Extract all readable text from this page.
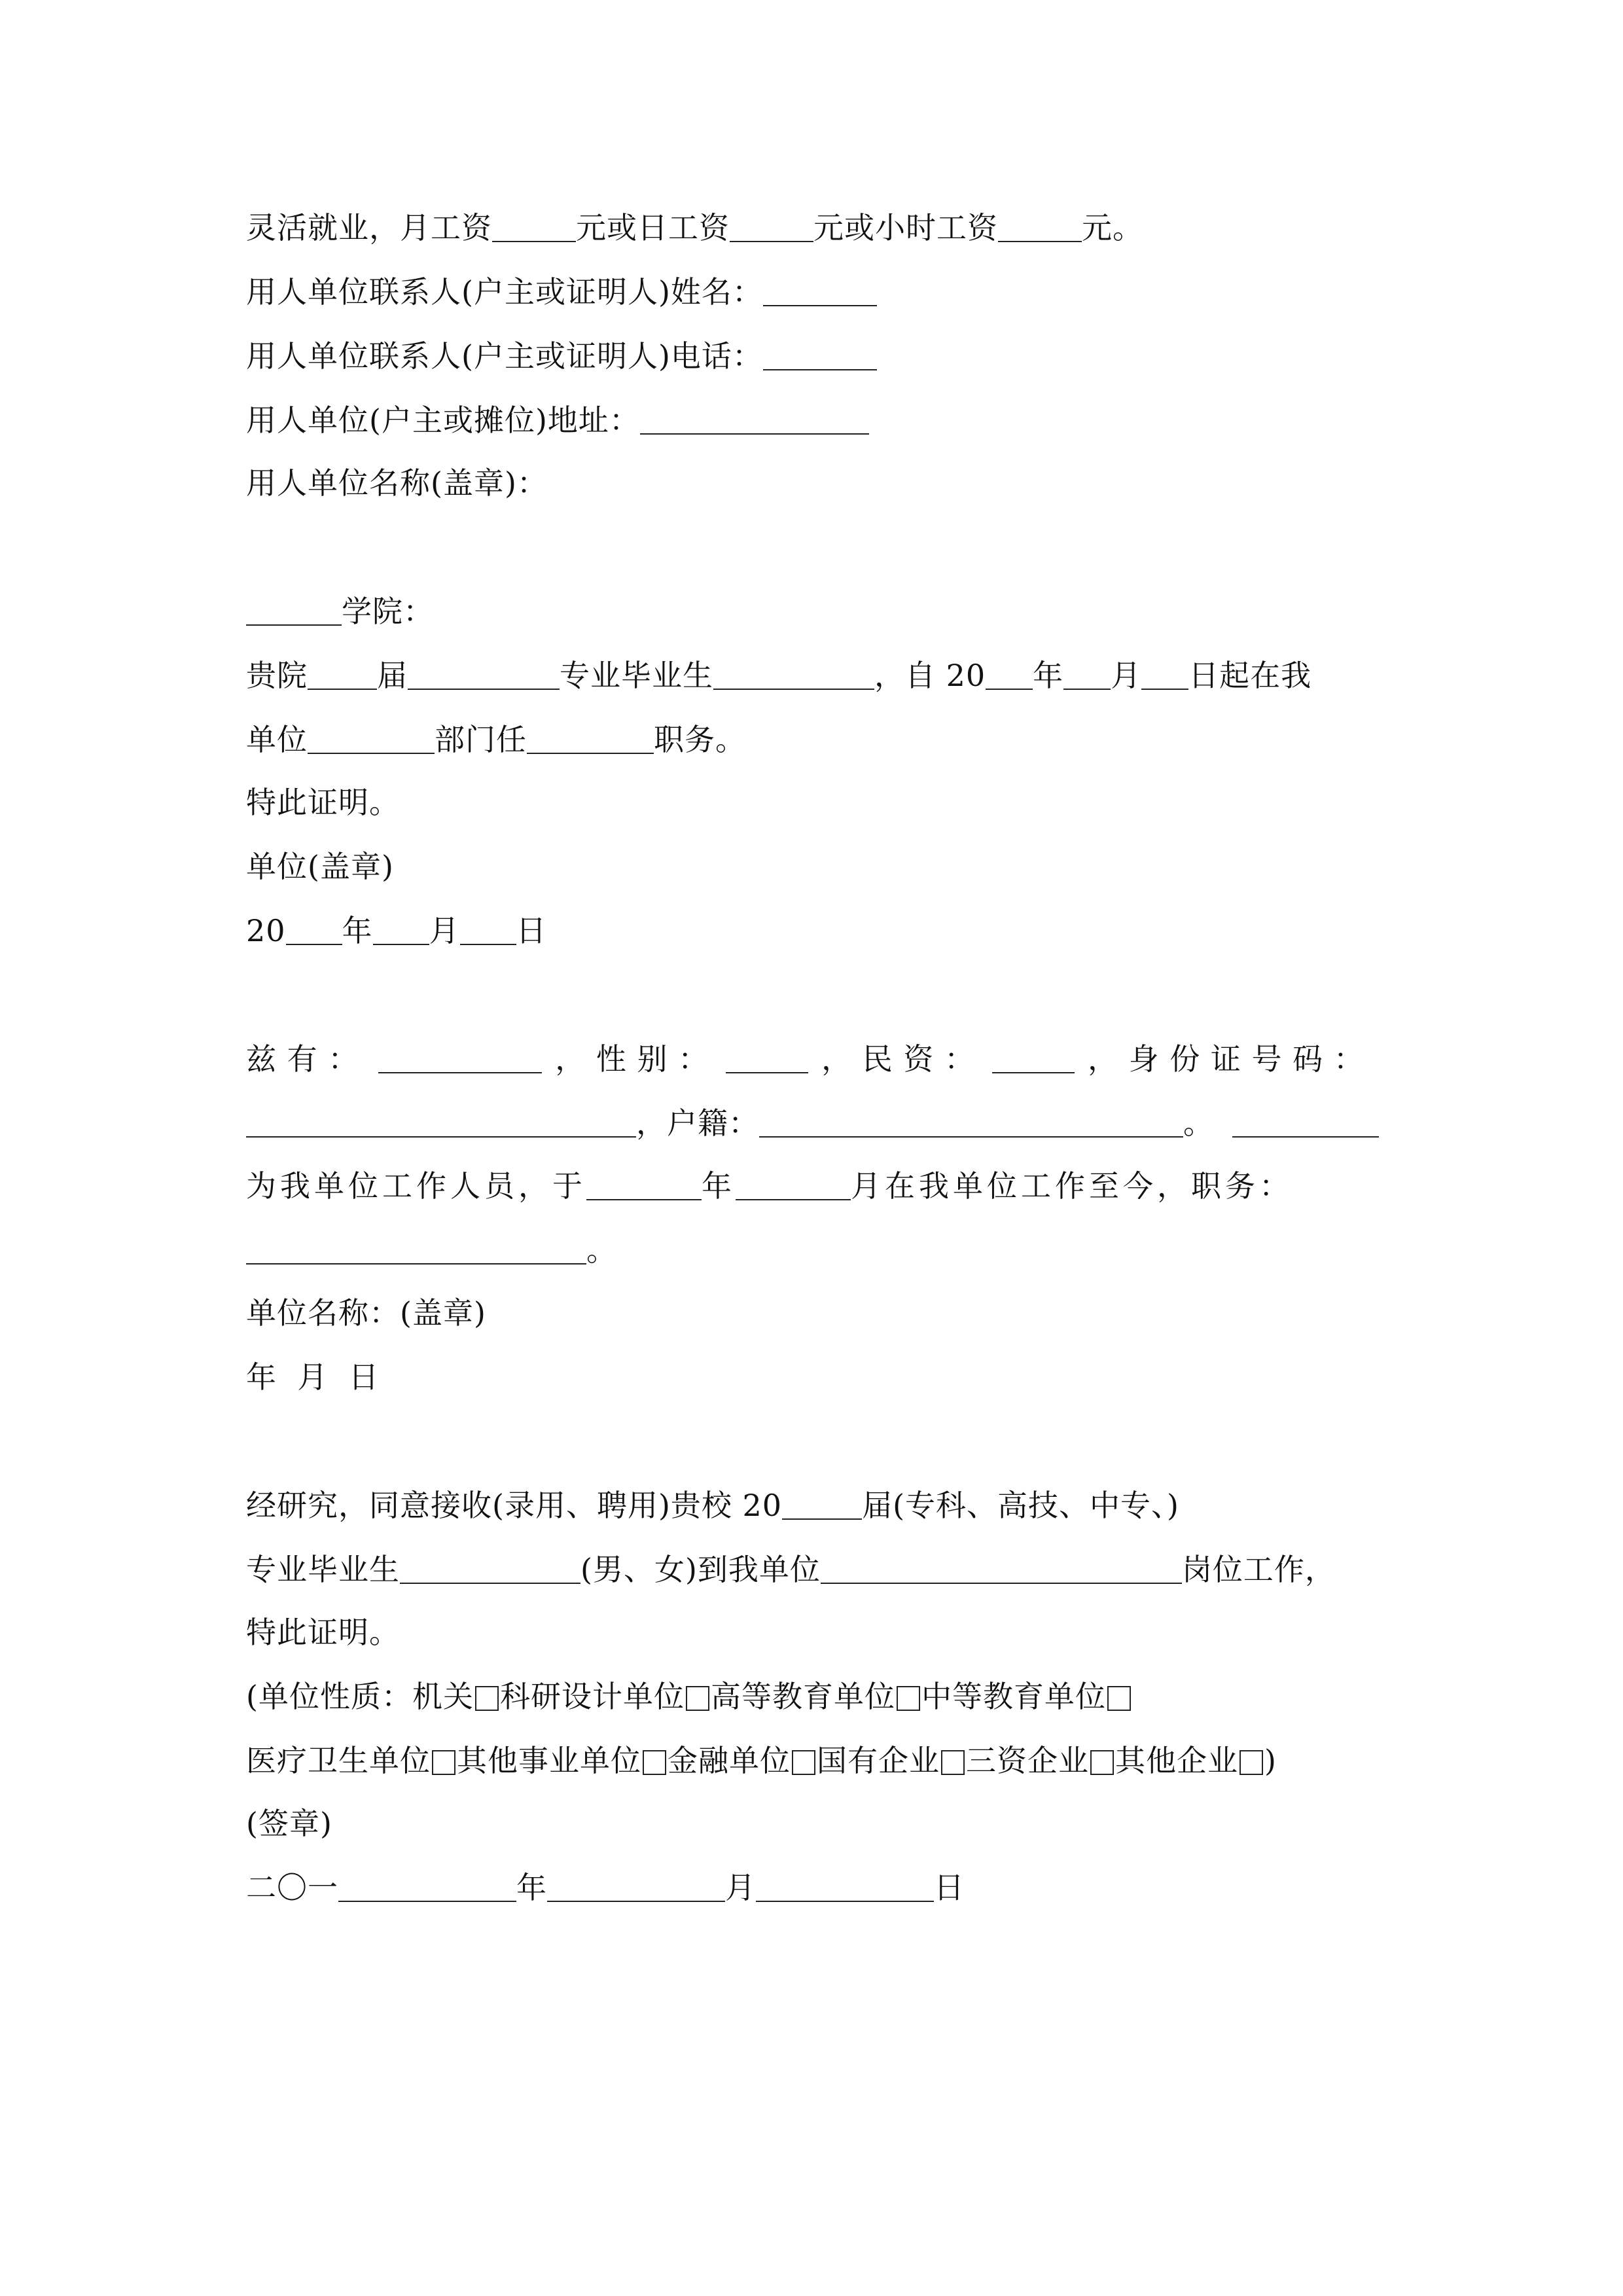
灵活就业，月工资	元或日工资	元或小时工资	元。
用人单位联系人(户主或证明人)姓名：
用人单位联系人(户主或证明人)电话：
用人单位(户主或摊位)地址：
用人单位名称(盖章)：
学院：
贵院 届	专业毕业生	，自 20 年 月 日起在我
单位	部门任	职务。
特此证明。
单位(盖章)
20 年 月 日
兹 有 ：	， 性 别 ：	， 民 资 ：	， 身 份 证 号 码 ：
，户籍：	。
为我单位工作人员，于	年	月在我单位工作至今，职务：
。
单位名称：(盖章)
年  月  日
经研究，同意接收(录用、聘用)贵校 20	届(专科、高技、中专、)
专业毕业生	(男、女)到我单位	岗位工作，
特此证明。
(单位性质：机关 科研设计单位 高等教育单位 中等教育单位
医疗卫生单位 其他事业单位 金融单位 国有企业 三资企业 其他企业 )
(签章)
二〇一	年	月	日
